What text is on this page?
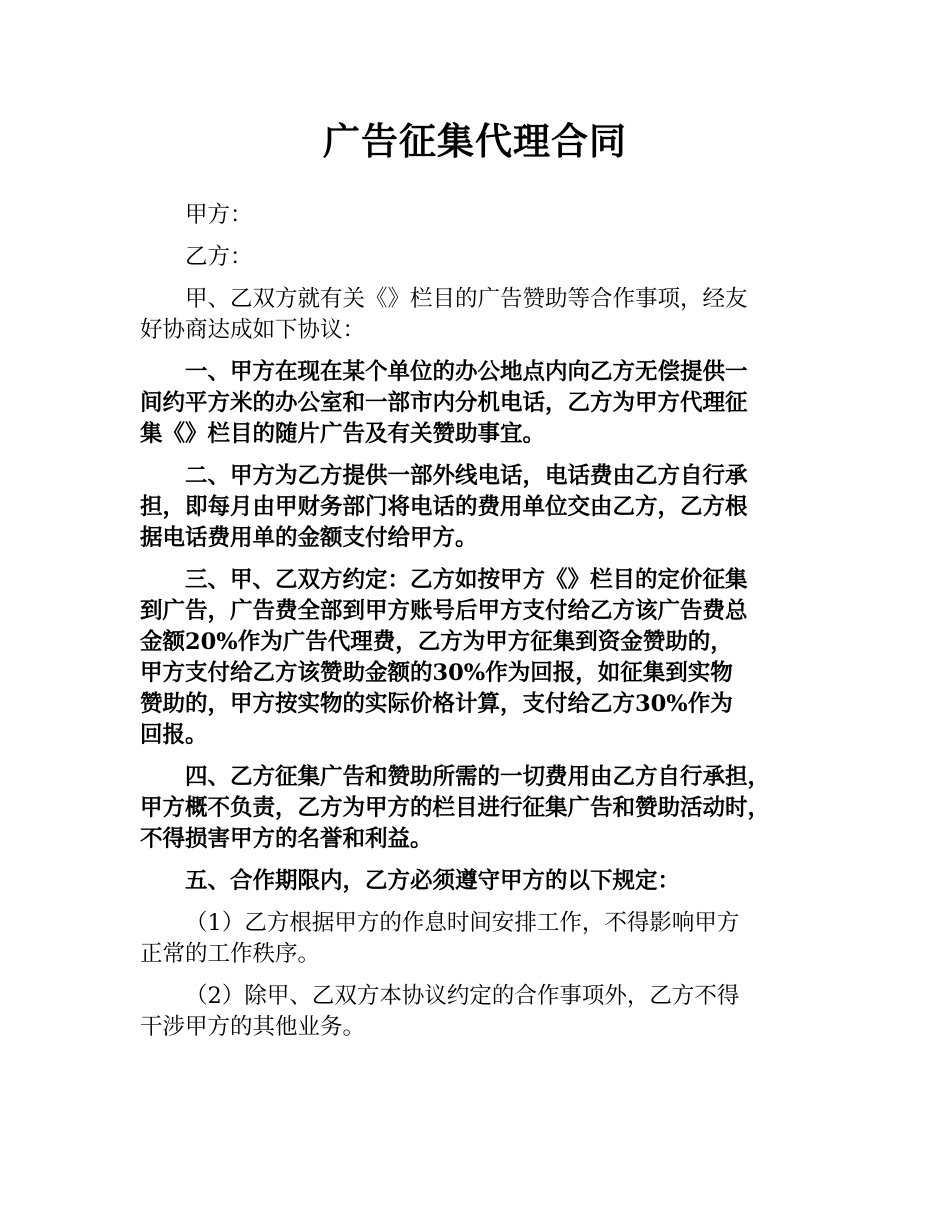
广告征集代理合同

甲方：

乙方：

甲、乙双方就有关《》栏目的广告赞助等合作事项，经友
好协商达成如下协议：

一、甲方在现在某个单位的办公地点内向乙方无偿提供一
间约平方米的办公室和一部市内分机电话，乙方为甲方代理征
集《》栏目的随片广告及有关赞助事宜。

二、甲方为乙方提供一部外线电话，电话费由乙方自行承
担，即每月由甲财务部门将电话的费用单位交由乙方，乙方根
据电话费用单的金额支付给甲方。

三、甲、乙双方约定：乙方如按甲方《》栏目的定价征集
到广告，广告费全部到甲方账号后甲方支付给乙方该广告费总
金额20%作为广告代理费，乙方为甲方征集到资金赞助的，
甲方支付给乙方该赞助金额的30%作为回报，如征集到实物
赞助的，甲方按实物的实际价格计算，支付给乙方30%作为
回报。

四、乙方征集广告和赞助所需的一切费用由乙方自行承担，
甲方概不负责，乙方为甲方的栏目进行征集广告和赞助活动时，
不得损害甲方的名誉和利益。

五、合作期限内，乙方必须遵守甲方的以下规定：

（1）乙方根据甲方的作息时间安排工作，不得影响甲方
正常的工作秩序。

（2）除甲、乙双方本协议约定的合作事项外，乙方不得
干涉甲方的其他业务。
